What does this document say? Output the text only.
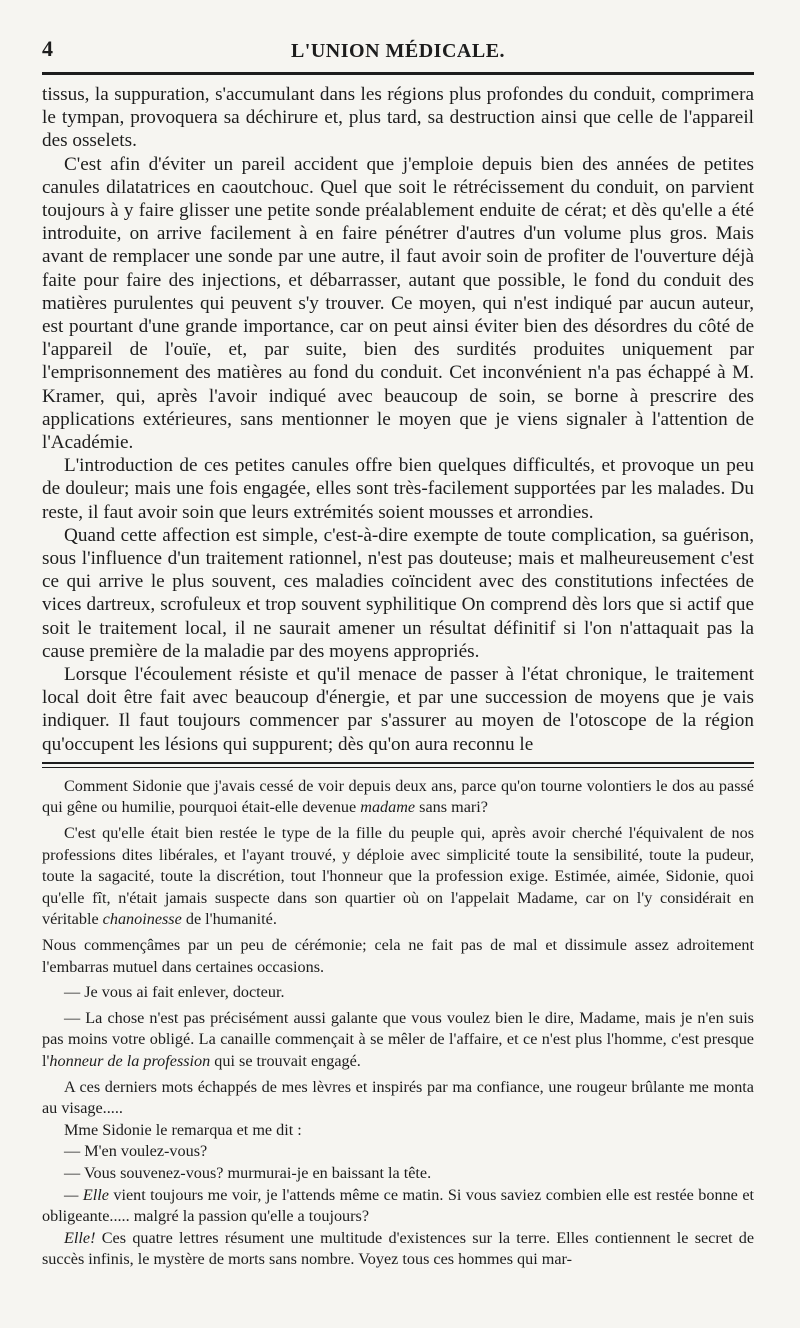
4	L'UNION MÉDICALE.

tissus, la suppuration, s'accumulant dans les régions plus profondes du conduit, comprimera le tympan, provoquera sa déchirure et, plus tard, sa destruction ainsi que celle de l'appareil des osselets.

C'est afin d'éviter un pareil accident que j'emploie depuis bien des années de petites canules dilatatrices en caoutchouc. Quel que soit le rétrécissement du conduit, on parvient toujours à y faire glisser une petite sonde préalablement enduite de cérat; et dès qu'elle a été introduite, on arrive facilement à en faire pénétrer d'autres d'un volume plus gros. Mais avant de remplacer une sonde par une autre, il faut avoir soin de profiter de l'ouverture déjà faite pour faire des injections, et débarrasser, autant que possible, le fond du conduit des matières purulentes qui peuvent s'y trouver. Ce moyen, qui n'est indiqué par aucun auteur, est pourtant d'une grande importance, car on peut ainsi éviter bien des désordres du côté de l'appareil de l'ouïe, et, par suite, bien des surdités produites uniquement par l'emprisonnement des matières au fond du conduit. Cet inconvénient n'a pas échappé à M. Kramer, qui, après l'avoir indiqué avec beaucoup de soin, se borne à prescrire des applications extérieures, sans mentionner le moyen que je viens signaler à l'attention de l'Académie.

L'introduction de ces petites canules offre bien quelques difficultés, et provoque un peu de douleur; mais une fois engagée, elles sont très-facilement supportées par les malades. Du reste, il faut avoir soin que leurs extrémités soient mousses et arrondies.

Quand cette affection est simple, c'est-à-dire exempte de toute complication, sa guérison, sous l'influence d'un traitement rationnel, n'est pas douteuse; mais et malheureusement c'est ce qui arrive le plus souvent, ces maladies coïncident avec des constitutions infectées de vices dartreux, scrofuleux et trop souvent syphilitique On comprend dès lors que si actif que soit le traitement local, il ne saurait amener un résultat définitif si l'on n'attaquait pas la cause première de la maladie par des moyens appropriés.

Lorsque l'écoulement résiste et qu'il menace de passer à l'état chronique, le traitement local doit être fait avec beaucoup d'énergie, et par une succession de moyens que je vais indiquer. Il faut toujours commencer par s'assurer au moyen de l'otoscope de la région qu'occupent les lésions qui suppurent; dès qu'on aura reconnu le

Comment Sidonie que j'avais cessé de voir depuis deux ans, parce qu'on tourne volontiers le dos au passé qui gêne ou humilie, pourquoi était-elle devenue madame sans mari?

C'est qu'elle était bien restée le type de la fille du peuple qui, après avoir cherché l'équivalent de nos professions dites libérales, et l'ayant trouvé, y déploie avec simplicité toute la sensibilité, toute la pudeur, toute la sagacité, toute la discrétion, tout l'honneur que la profession exige. Estimée, aimée, Sidonie, quoi qu'elle fît, n'était jamais suspecte dans son quartier où on l'appelait Madame, car on l'y considérait en véritable chanoinesse de l'humanité.

Nous commençâmes par un peu de cérémonie; cela ne fait pas de mal et dissimule assez adroitement l'embarras mutuel dans certaines occasions.

— Je vous ai fait enlever, docteur.

— La chose n'est pas précisément aussi galante que vous voulez bien le dire, Madame, mais je n'en suis pas moins votre obligé. La canaille commençait à se mêler de l'affaire, et ce n'est plus l'homme, c'est presque l'honneur de la profession qui se trouvait engagé.

A ces derniers mots échappés de mes lèvres et inspirés par ma confiance, une rougeur brûlante me monta au visage.....

Mme Sidonie le remarqua et me dit :

— M'en voulez-vous?

— Vous souvenez-vous? murmurai-je en baissant la tête.

— Elle vient toujours me voir, je l'attends même ce matin. Si vous saviez combien elle est restée bonne et obligeante..... malgré la passion qu'elle a toujours?

Elle! Ces quatre lettres résument une multitude d'existences sur la terre. Elles contiennent le secret de succès infinis, le mystère de morts sans nombre. Voyez tous ces hommes qui mar-
